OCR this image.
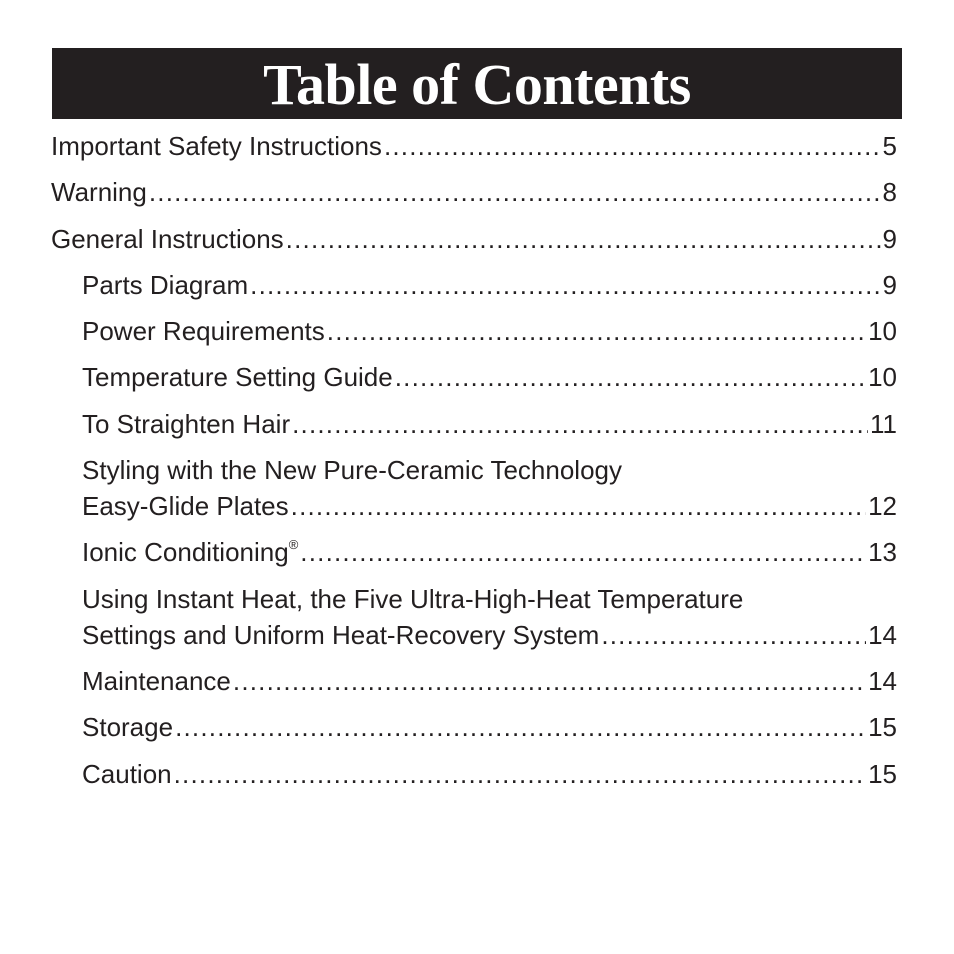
Table of Contents
Important Safety Instructions .....	5
Warning .....	8
General Instructions .....	9
Parts Diagram .....	9
Power Requirements .....	10
Temperature Setting Guide .....	10
To Straighten Hair .....	11
Styling with the New Pure-Ceramic Technology
Easy-Glide Plates .....	12
Ionic Conditioning® .....	13
Using Instant Heat, the Five Ultra-High-Heat Temperature
Settings and Uniform Heat-Recovery System .....	14
Maintenance .....	14
Storage .....	15
Caution .....	15
